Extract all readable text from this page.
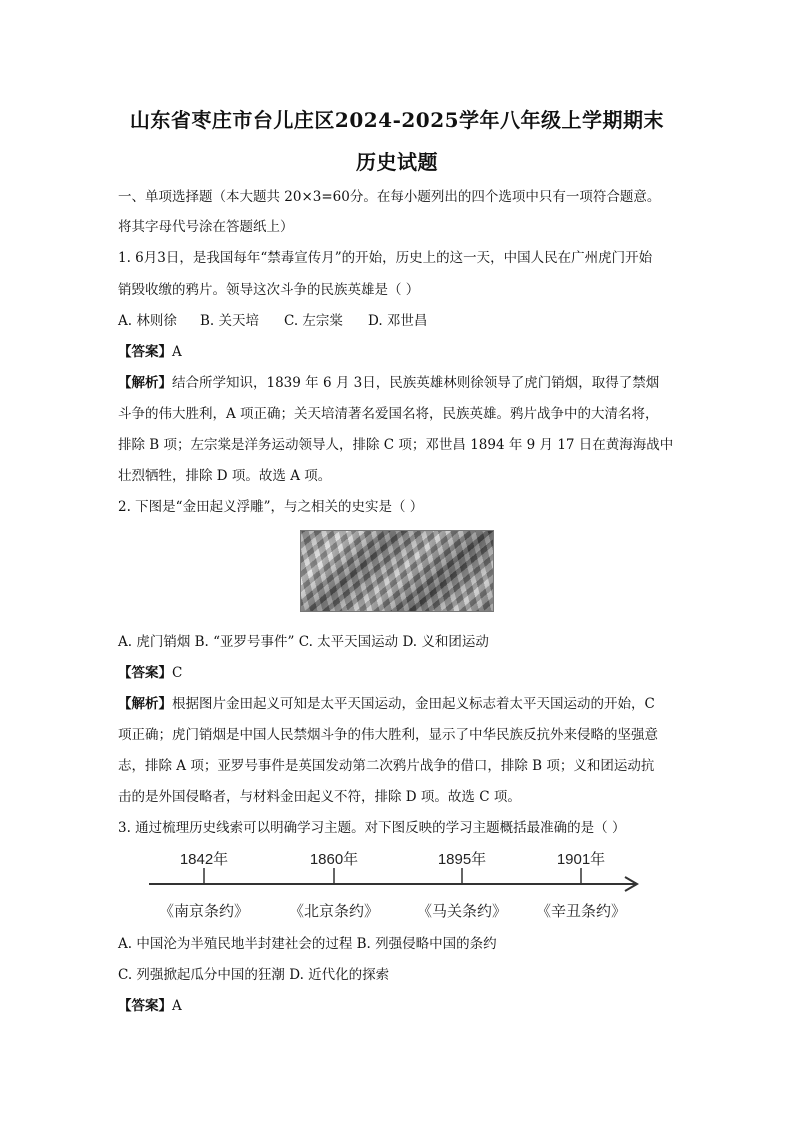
山东省枣庄市台儿庄区2024-2025学年八年级上学期期末
历史试题
一、单项选择题（本大题共 20×3=60分。在每小题列出的四个选项中只有一项符合题意。
将其字母代号涂在答题纸上）
1. 6月3日，是我国每年“禁毒宣传月”的开始，历史上的这一天，中国人民在广州虎门开始
销毁收缴的鸦片。领导这次斗争的民族英雄是（ ）
A. 林则徐 B. 关天培 C. 左宗棠 D. 邓世昌
【答案】A
【解析】结合所学知识，1839 年 6 月 3日，民族英雄林则徐领导了虎门销烟，取得了禁烟
斗争的伟大胜利，A 项正确；关天培清著名爱国名将，民族英雄。鸦片战争中的大清名将，
排除 B 项；左宗棠是洋务运动领导人，排除 C 项；邓世昌 1894 年 9 月 17 日在黄海海战中
壮烈牺牲，排除 D 项。故选 A 项。
2. 下图是“金田起义浮雕”，与之相关的史实是（ ）
A. 虎门销烟 B. “亚罗号事件” C. 太平天国运动 D. 义和团运动
【答案】C
【解析】根据图片金田起义可知是太平天国运动，金田起义标志着太平天国运动的开始，C
项正确；虎门销烟是中国人民禁烟斗争的伟大胜利，显示了中华民族反抗外来侵略的坚强意
志，排除 A 项；亚罗号事件是英国发动第二次鸦片战争的借口，排除 B 项；义和团运动抗
击的是外国侵略者，与材料金田起义不符，排除 D 项。故选 C 项。
3. 通过梳理历史线索可以明确学习主题。对下图反映的学习主题概括最准确的是（ ）
1842年	1860年	1895年	1901年
《南京条约》	《北京条约》	《马关条约》 《辛丑条约》
A. 中国沦为半殖民地半封建社会的过程 B. 列强侵略中国的条约
C. 列强掀起瓜分中国的狂潮 D. 近代化的探索
【答案】A
